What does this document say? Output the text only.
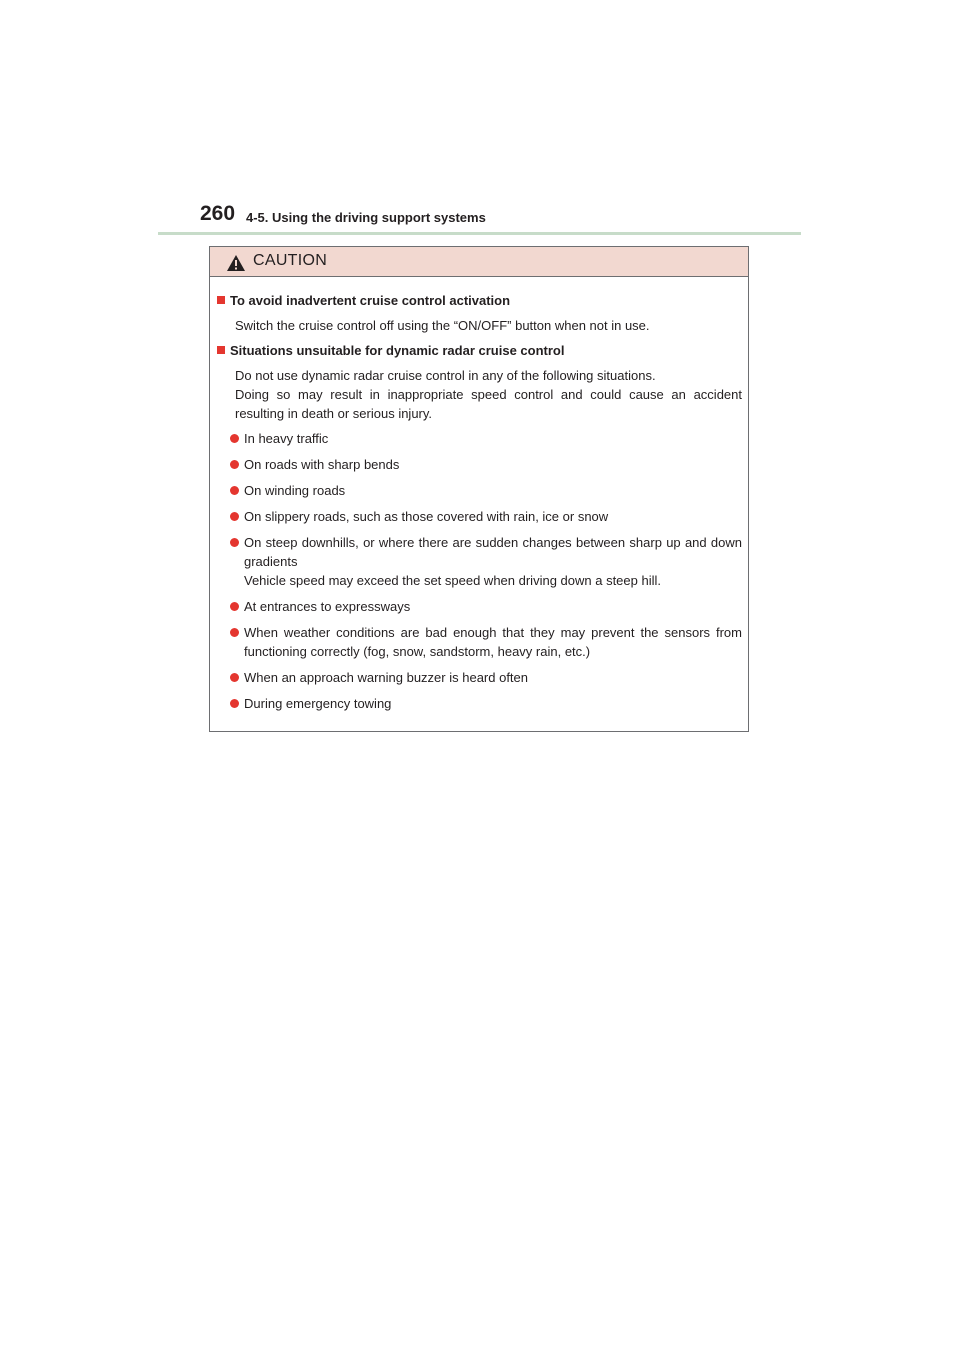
260 4-5. Using the driving support systems
CAUTION
To avoid inadvertent cruise control activation
Switch the cruise control off using the “ON/OFF” button when not in use.
Situations unsuitable for dynamic radar cruise control
Do not use dynamic radar cruise control in any of the following situations.
Doing so may result in inappropriate speed control and could cause an accident resulting in death or serious injury.
In heavy traffic
On roads with sharp bends
On winding roads
On slippery roads, such as those covered with rain, ice or snow
On steep downhills, or where there are sudden changes between sharp up and down gradients
Vehicle speed may exceed the set speed when driving down a steep hill.
At entrances to expressways
When weather conditions are bad enough that they may prevent the sensors from functioning correctly (fog, snow, sandstorm, heavy rain, etc.)
When an approach warning buzzer is heard often
During emergency towing
